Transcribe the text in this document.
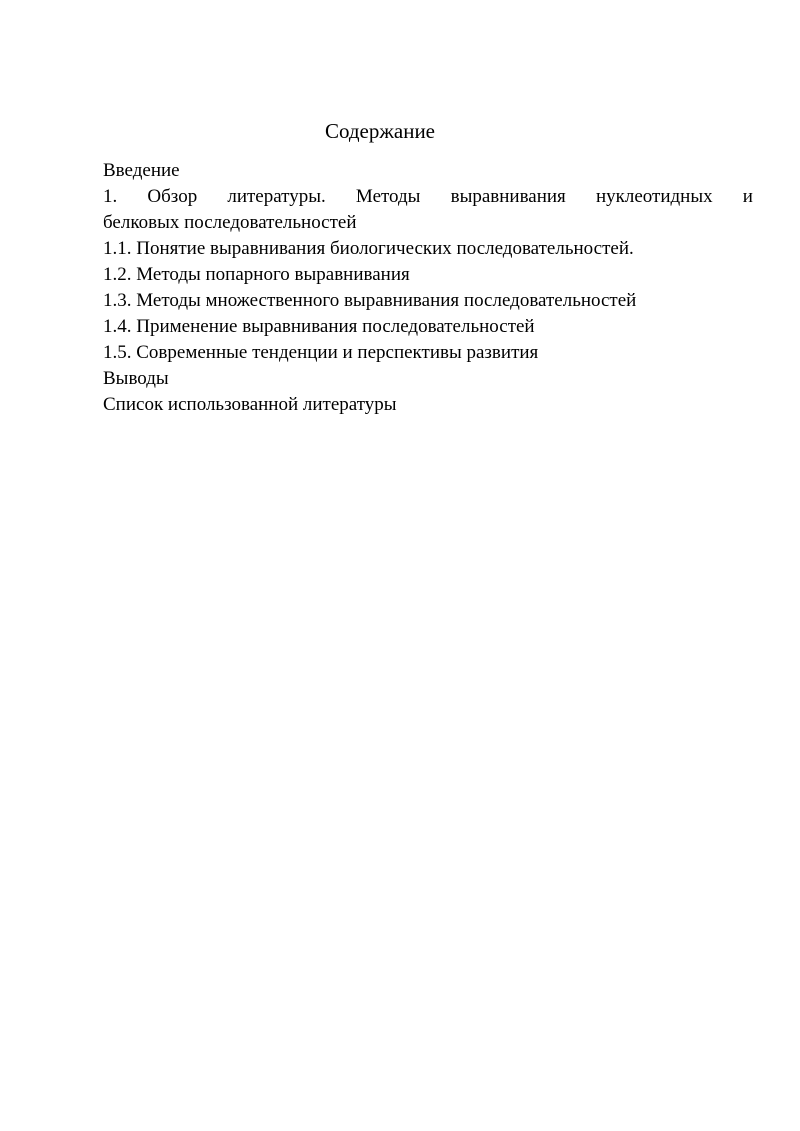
Содержание
Введение
1. Обзор литературы. Методы выравнивания нуклеотидных и
белковых последовательностей
1.1. Понятие выравнивания биологических последовательностей.
1.2. Методы попарного выравнивания
1.3. Методы множественного выравнивания последовательностей
1.4. Применение выравнивания последовательностей
1.5. Современные тенденции и перспективы развития
Выводы
Список использованной литературы
